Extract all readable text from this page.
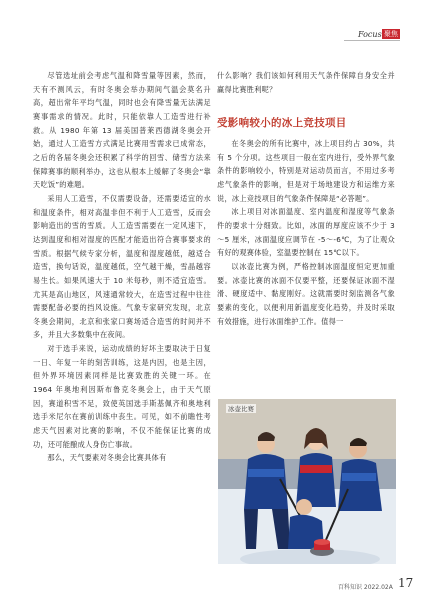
Focus 聚焦

尽管选址前会考虑气温和降雪量等因素，然而，天有不测风云，有时冬奥会举办期间气温会莫名升高，超出常年平均气温，同时也会有降雪量无法满足赛事需求的情况。此时，只能依靠人工造雪进行补救。从 1980 年第 13 届美国普莱西德湖冬奥会开始，通过人工造雪方式满足比赛用雪需求已成常态，之后的各届冬奥会还积累了科学的回雪、储雪方法来保障赛事的顺利举办，这也从根本上缓解了冬奥会“靠天吃饭”的难题。

采用人工造雪，不仅需要设备，还需要适宜的水和温度条件，相对高温非但不利于人工造雪，反而会影响造出的雪的雪质。人工造雪需要在一定风速下，达到温度和相对湿度的匹配才能造出符合赛事要求的雪质。根据气候专家分析，温度和湿度越低，越适合造雪，换句话说，温度越低，空气越干燥，雪晶越容易生长。如果风速大于 10 米每秒，则不适宜造雪。尤其是高山地区，风速通常较大，在造雪过程中往往需要配备必要的挡风设施。气象专家研究发现，北京冬奥会期间，北京和张家口赛场适合造雪的时间并不多，并且大多数集中在夜间。

对于选手来说，运动成绩的好坏主要取决于日复一日、年复一年的刻苦训练，这是内因，也是主因，但外界环境因素同样是比赛致胜的关键一环。在 1964 年奥地利因斯布鲁克冬奥会上，由于天气原因，赛道积雪不足，致使英国选手斯基佩齐和奥地利选手米尼尔在赛前训练中丧生。可见，如不前瞻性考虑天气因素对比赛的影响，不仅不能保证比赛的成功，还可能酿成人身伤亡事故。

那么，天气要素对冬奥会比赛具体有

什么影响？我们该如何利用天气条件保障自身安全并赢得比赛胜利呢？

受影响较小的冰上竞技项目

在冬奥会的所有比赛中，冰上项目约占 30%，共有 5 个分项。这些项目一般在室内进行，受外界气象条件的影响较小，特别是对运动员而言，不用过多考虑气象条件的影响，但是对于场地建设方和运维方来说，冰上竞技项目的气象条件保障是“必答题”。

冰上项目对冰面温度、室内温度和湿度等气象条件的要求十分细致。比如，冰面的厚度应该不少于 3～5 厘米，冰面温度应调节在 -5～-6℃，为了让观众有好的观赛体验，室温要控制在 15℃以下。

以冰壶比赛为例，严格控制冰面温度恒定更加重要。冰壶比赛的冰面不仅要平整，还要保证冰面不湿滑、硬度适中、黏度刚好。这就需要时刻监测各气象要素的变化，以便利用新温度变化趋势，并及时采取有效措施，进行冰面维护工作。值得一

冰壶比赛
百科知识 2022.02A 17
